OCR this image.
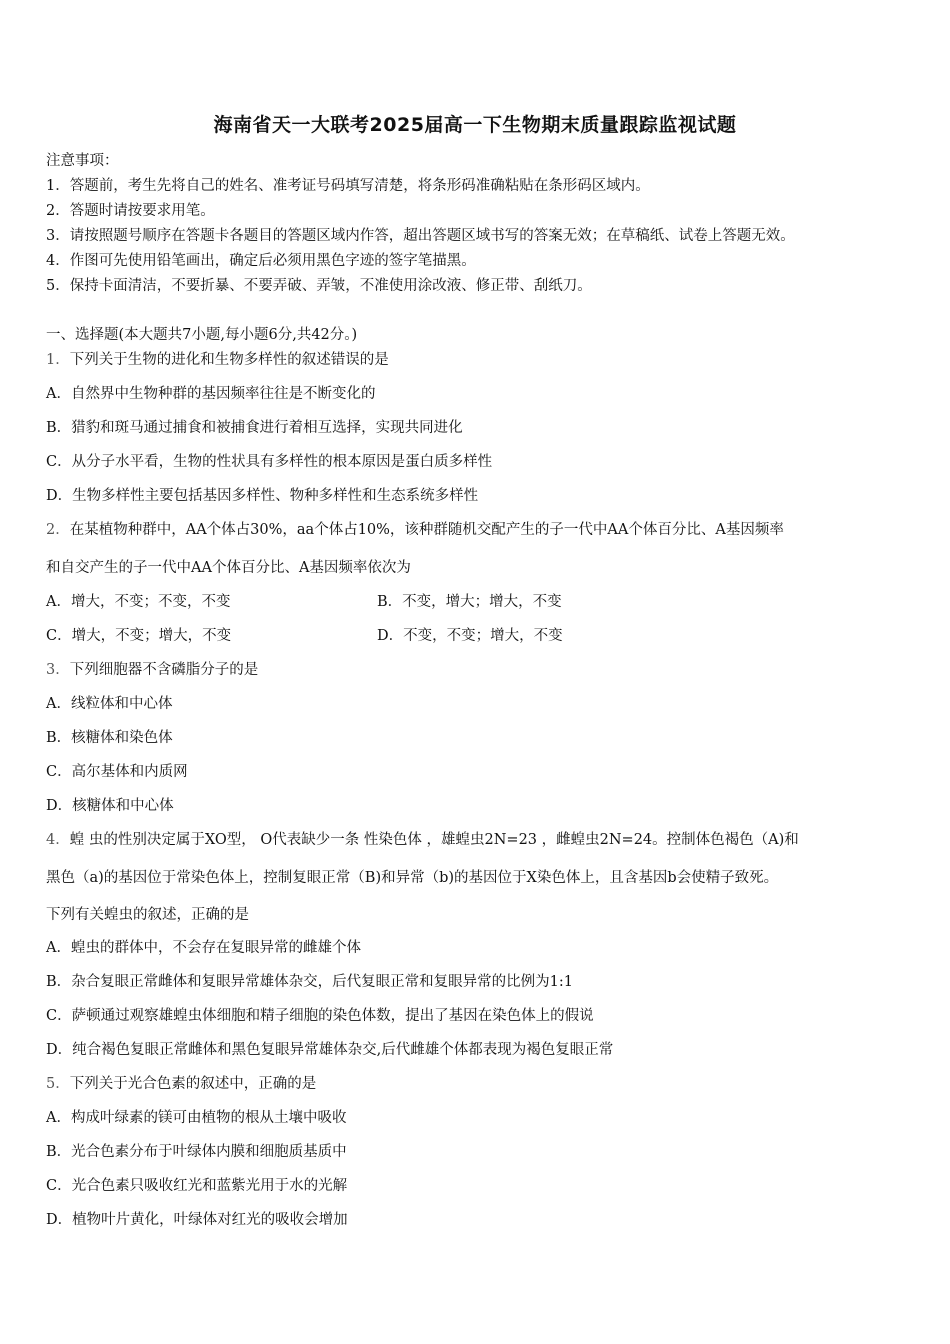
海南省天一大联考2025届高一下生物期末质量跟踪监视试题
注意事项：
1．答题前，考生先将自己的姓名、准考证号码填写清楚，将条形码准确粘贴在条形码区域内。
2．答题时请按要求用笔。
3．请按照题号顺序在答题卡各题目的答题区域内作答，超出答题区域书写的答案无效；在草稿纸、试卷上答题无效。
4．作图可先使用铅笔画出，确定后必须用黑色字迹的签字笔描黑。
5．保持卡面清洁，不要折暴、不要弄破、弄皱，不准使用涂改液、修正带、刮纸刀。
一、选择题(本大题共7小题,每小题6分,共42分。)
1．下列关于生物的进化和生物多样性的叙述错误的是
A．自然界中生物种群的基因频率往往是不断变化的
B．猎豹和斑马通过捕食和被捕食进行着相互选择，实现共同进化
C．从分子水平看，生物的性状具有多样性的根本原因是蛋白质多样性
D．生物多样性主要包括基因多样性、物种多样性和生态系统多样性
2．在某植物种群中，AA个体占30%，aa个体占10%，该种群随机交配产生的子一代中AA个体百分比、A基因频率
和自交产生的子一代中AA个体百分比、A基因频率依次为
A．增大，不变；不变，不变	B．不变，增大；增大，不变
C．增大，不变；增大，不变	D．不变，不变；增大，不变
3．下列细胞器不含磷脂分子的是
A．线粒体和中心体
B．核糖体和染色体
C．高尔基体和内质网
D．核糖体和中心体
4．蝗 虫的性别决定属于XO型， O代表缺少一条 性染色体 ，雄蝗虫2N=23 ，雌蝗虫2N=24。控制体色褐色（A)和
黑色（a)的基因位于常染色体上，控制复眼正常（B)和异常（b)的基因位于X染色体上，且含基因b会使精子致死。
下列有关蝗虫的叙述，正确的是
A．蝗虫的群体中，不会存在复眼异常的雌雄个体
B．杂合复眼正常雌体和复眼异常雄体杂交，后代复眼正常和复眼异常的比例为1:1
C．萨顿通过观察雄蝗虫体细胞和精子细胞的染色体数，提出了基因在染色体上的假说
D．纯合褐色复眼正常雌体和黑色复眼异常雄体杂交,后代雌雄个体都表现为褐色复眼正常
5．下列关于光合色素的叙述中，正确的是
A．构成叶绿素的镁可由植物的根从土壤中吸收
B．光合色素分布于叶绿体内膜和细胞质基质中
C．光合色素只吸收红光和蓝紫光用于水的光解
D．植物叶片黄化，叶绿体对红光的吸收会增加
